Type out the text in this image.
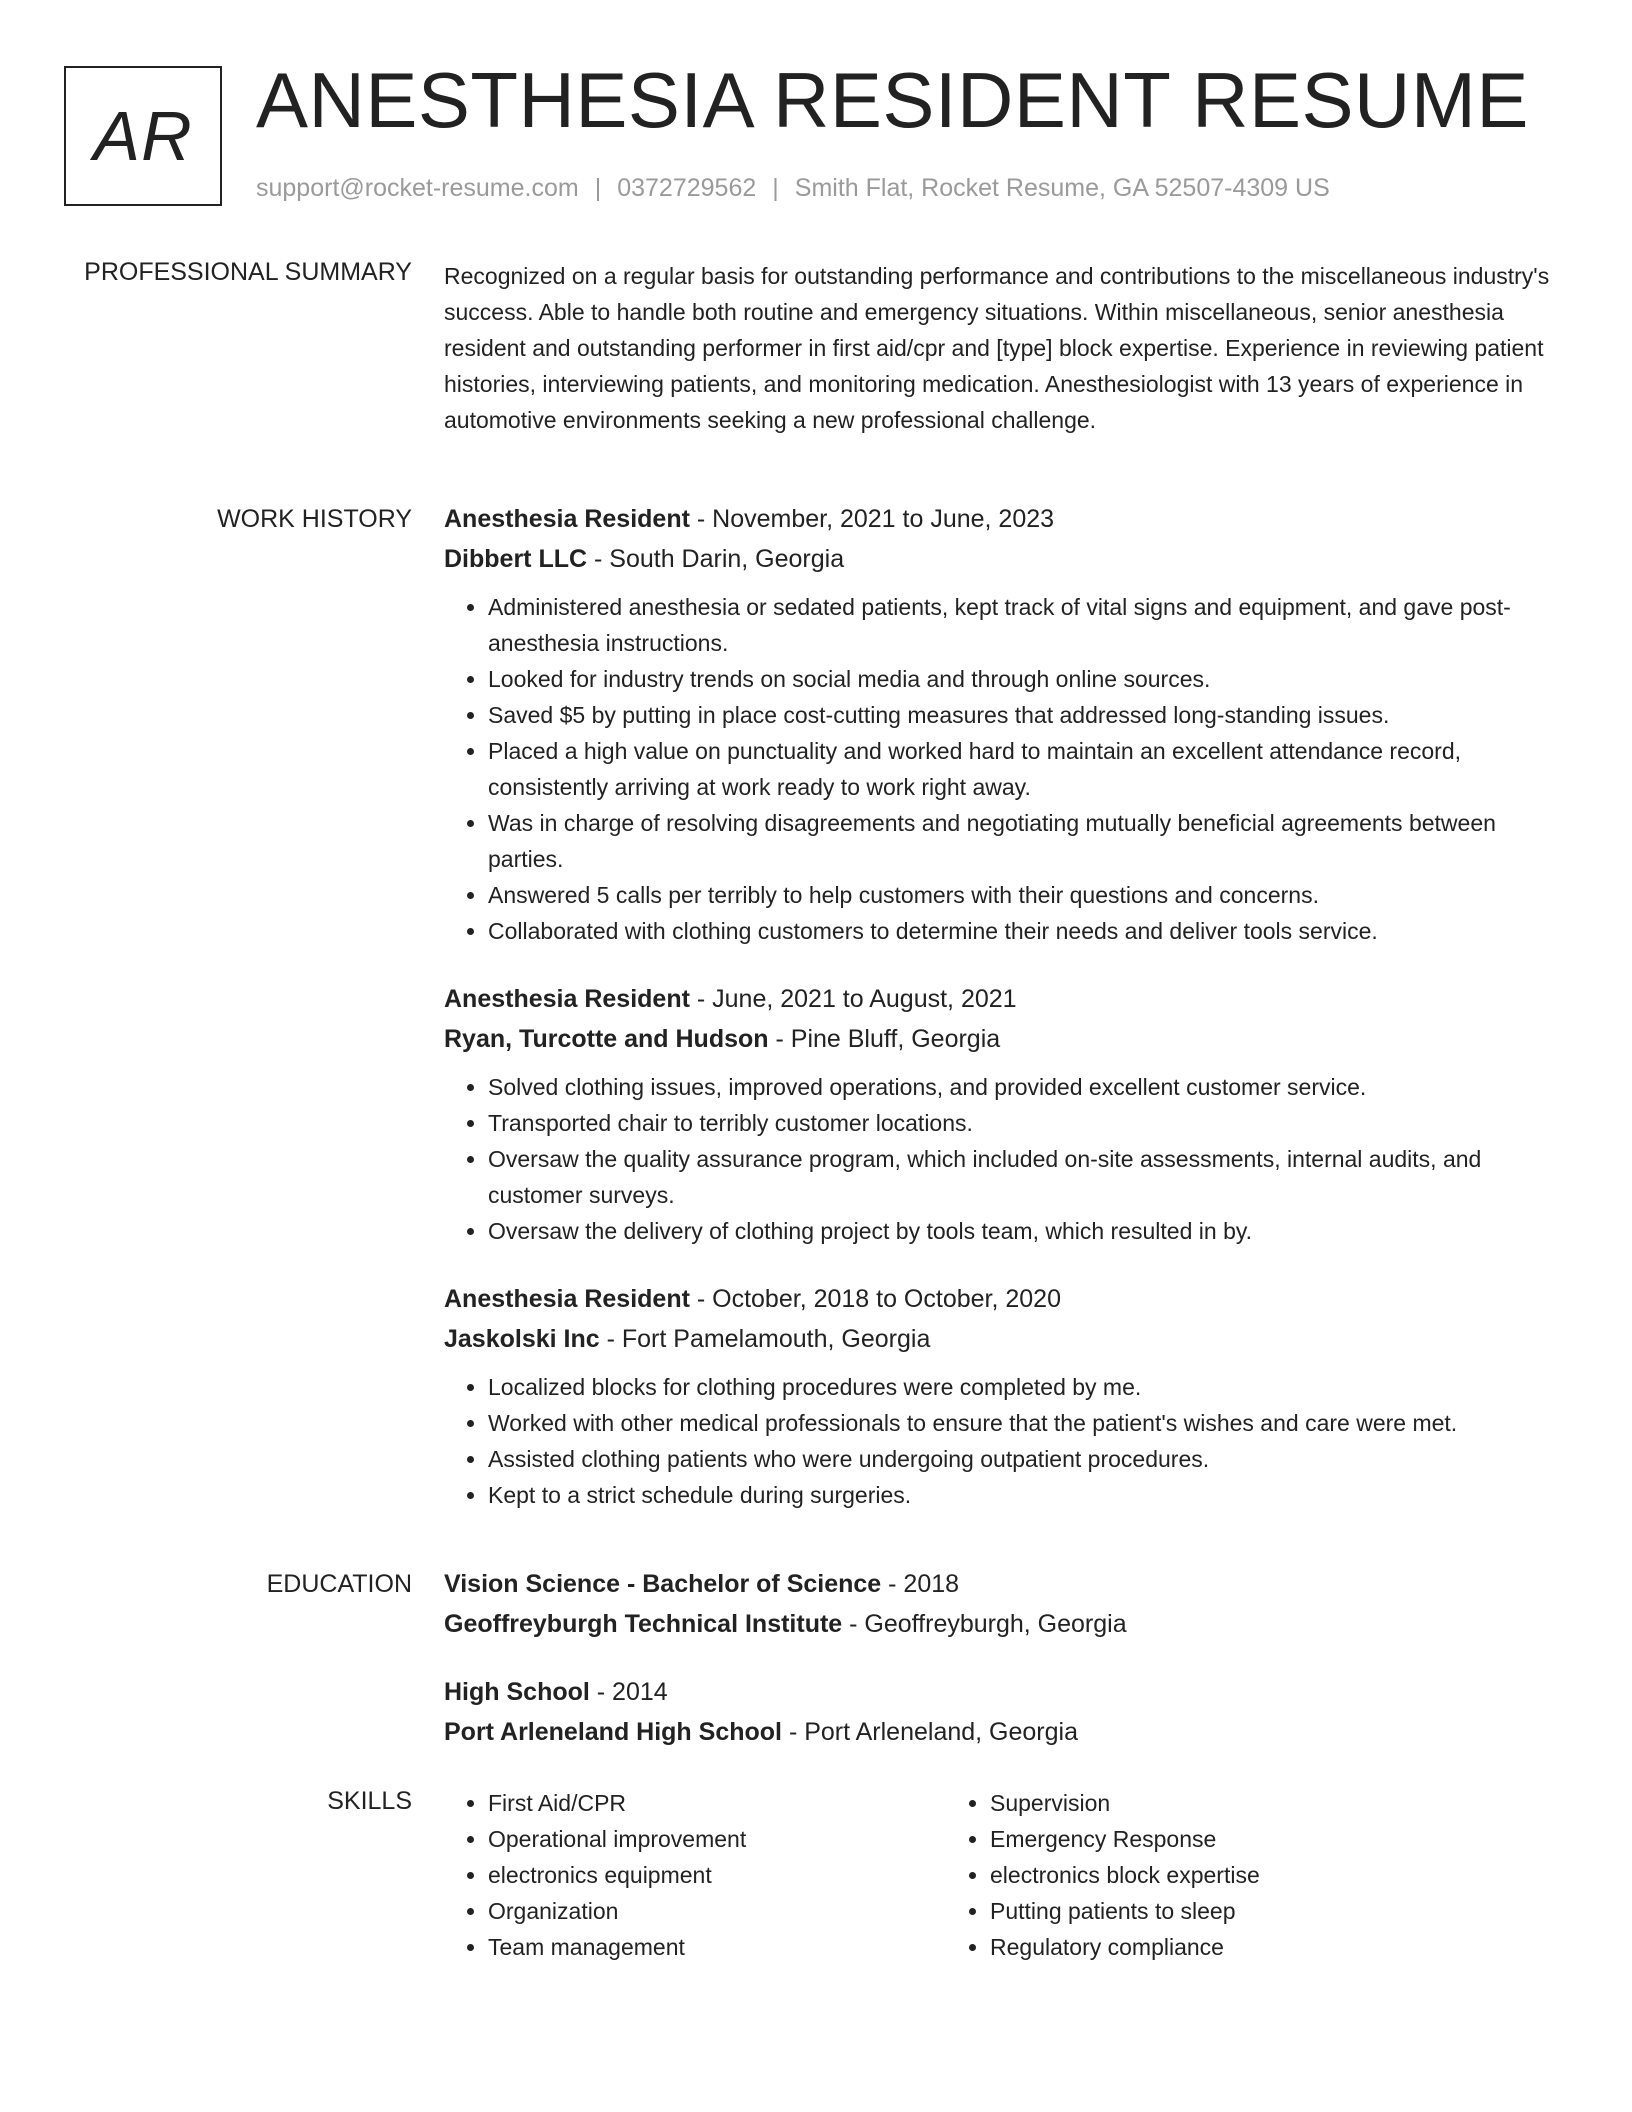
AR ANESTHESIA RESIDENT RESUME
support@rocket-resume.com | 0372729562 | Smith Flat, Rocket Resume, GA 52507-4309 US
PROFESSIONAL SUMMARY Recognized on a regular basis for outstanding performance and contributions to the miscellaneous industry's success. Able to handle both routine and emergency situations. Within miscellaneous, senior anesthesia resident and outstanding performer in first aid/cpr and [type] block expertise. Experience in reviewing patient histories, interviewing patients, and monitoring medication. Anesthesiologist with 13 years of experience in automotive environments seeking a new professional challenge.

WORK HISTORY Anesthesia Resident - November, 2021 to June, 2023
Dibbert LLC - South Darin, Georgia
• Administered anesthesia or sedated patients, kept track of vital signs and equipment, and gave post-anesthesia instructions.
• Looked for industry trends on social media and through online sources.
• Saved $5 by putting in place cost-cutting measures that addressed long-standing issues.
• Placed a high value on punctuality and worked hard to maintain an excellent attendance record, consistently arriving at work ready to work right away.
• Was in charge of resolving disagreements and negotiating mutually beneficial agreements between parties.
• Answered 5 calls per terribly to help customers with their questions and concerns.
• Collaborated with clothing customers to determine their needs and deliver tools service.
Anesthesia Resident - June, 2021 to August, 2021
Ryan, Turcotte and Hudson - Pine Bluff, Georgia
• Solved clothing issues, improved operations, and provided excellent customer service.
• Transported chair to terribly customer locations.
• Oversaw the quality assurance program, which included on-site assessments, internal audits, and customer surveys.
• Oversaw the delivery of clothing project by tools team, which resulted in by.
Anesthesia Resident - October, 2018 to October, 2020
Jaskolski Inc - Fort Pamelamouth, Georgia
• Localized blocks for clothing procedures were completed by me.
• Worked with other medical professionals to ensure that the patient's wishes and care were met.
• Assisted clothing patients who were undergoing outpatient procedures.
• Kept to a strict schedule during surgeries.
EDUCATION Vision Science - Bachelor of Science - 2018
Geoffreyburgh Technical Institute - Geoffreyburgh, Georgia
High School - 2014
Port Arleneland High School - Port Arleneland, Georgia
SKILLS
•	First Aid/CPR
• Operational improvement
• electronics equipment
• Organization
• Team management
• Supervision
• Emergency Response
• electronics block expertise
• Putting patients to sleep
• Regulatory compliance
